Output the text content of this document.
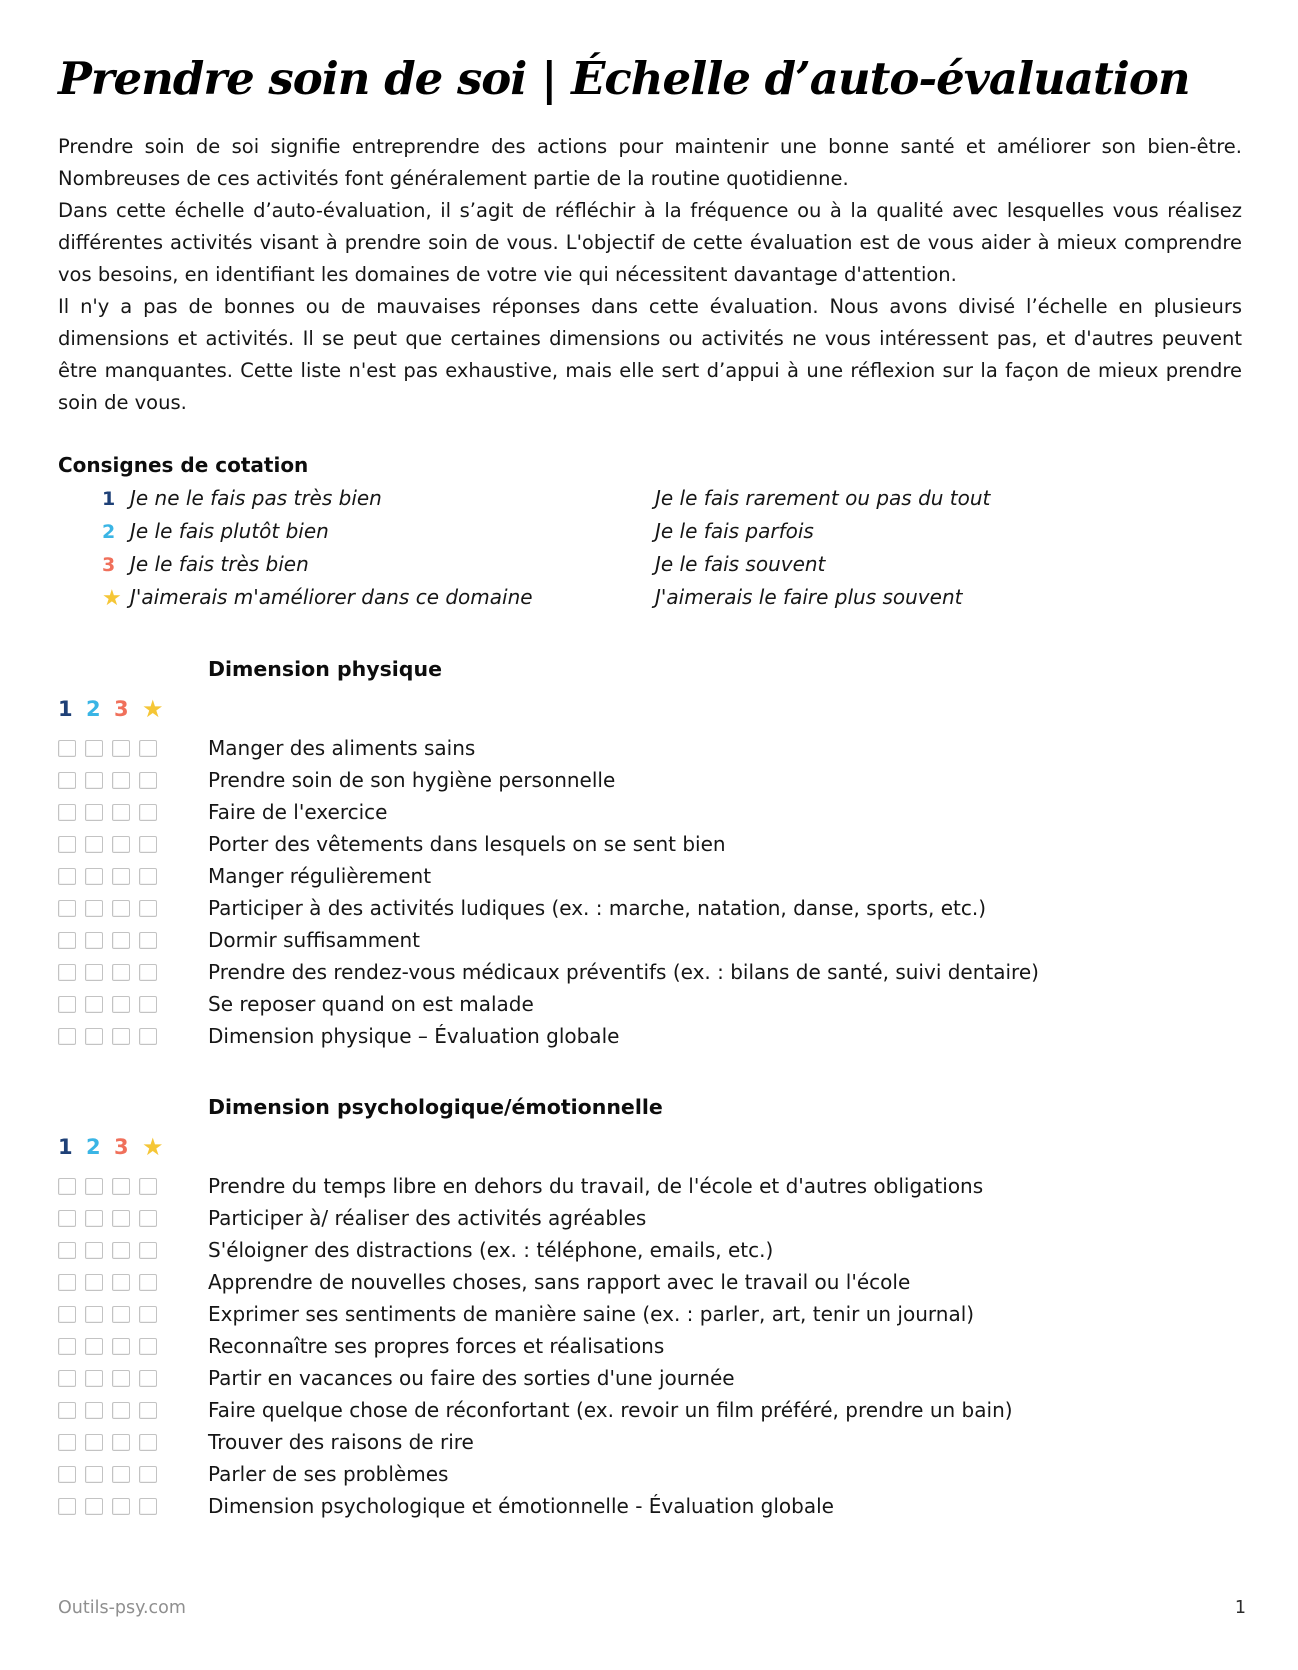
Prendre soin de soi | Échelle d’auto-évaluation

Prendre soin de soi signifie entreprendre des actions pour maintenir une bonne santé et améliorer son bien-être. Nombreuses de ces activités font généralement partie de la routine quotidienne.

Dans cette échelle d’auto-évaluation, il s’agit de réfléchir à la fréquence ou à la qualité avec lesquelles vous réalisez différentes activités visant à prendre soin de vous. L'objectif de cette évaluation est de vous aider à mieux comprendre vos besoins, en identifiant les domaines de votre vie qui nécessitent davantage d'attention.

Il n'y a pas de bonnes ou de mauvaises réponses dans cette évaluation. Nous avons divisé l’échelle en plusieurs dimensions et activités. Il se peut que certaines dimensions ou activités ne vous intéressent pas, et d'autres peuvent être manquantes. Cette liste n'est pas exhaustive, mais elle sert d’appui à une réflexion sur la façon de mieux prendre soin de vous.

Consignes de cotation
1 Je ne le fais pas très bien	Je le fais rarement ou pas du tout
2 Je le fais plutôt bien	Je le fais parfois
3 Je le fais très bien	Je le fais souvent
★ J'aimerais m'améliorer dans ce domaine	J'aimerais le faire plus souvent
Dimension physique
1 2 3 ★
Manger des aliments sains
Prendre soin de son hygiène personnelle
Faire de l'exercice
Porter des vêtements dans lesquels on se sent bien
Manger régulièrement
Participer à des activités ludiques (ex. : marche, natation, danse, sports, etc.)
Dormir suffisamment
Prendre des rendez-vous médicaux préventifs (ex. : bilans de santé, suivi dentaire)
Se reposer quand on est malade
Dimension physique – Évaluation globale
Dimension psychologique/émotionnelle
1 2 3 ★
Prendre du temps libre en dehors du travail, de l'école et d'autres obligations
Participer à/ réaliser des activités agréables
S'éloigner des distractions (ex. : téléphone, emails, etc.)
Apprendre de nouvelles choses, sans rapport avec le travail ou l'école
Exprimer ses sentiments de manière saine (ex. : parler, art, tenir un journal)
Reconnaître ses propres forces et réalisations
Partir en vacances ou faire des sorties d'une journée
Faire quelque chose de réconfortant (ex. revoir un film préféré, prendre un bain)
Trouver des raisons de rire
Parler de ses problèmes
Dimension psychologique et émotionnelle - Évaluation globale
Outils-psy.com	1
